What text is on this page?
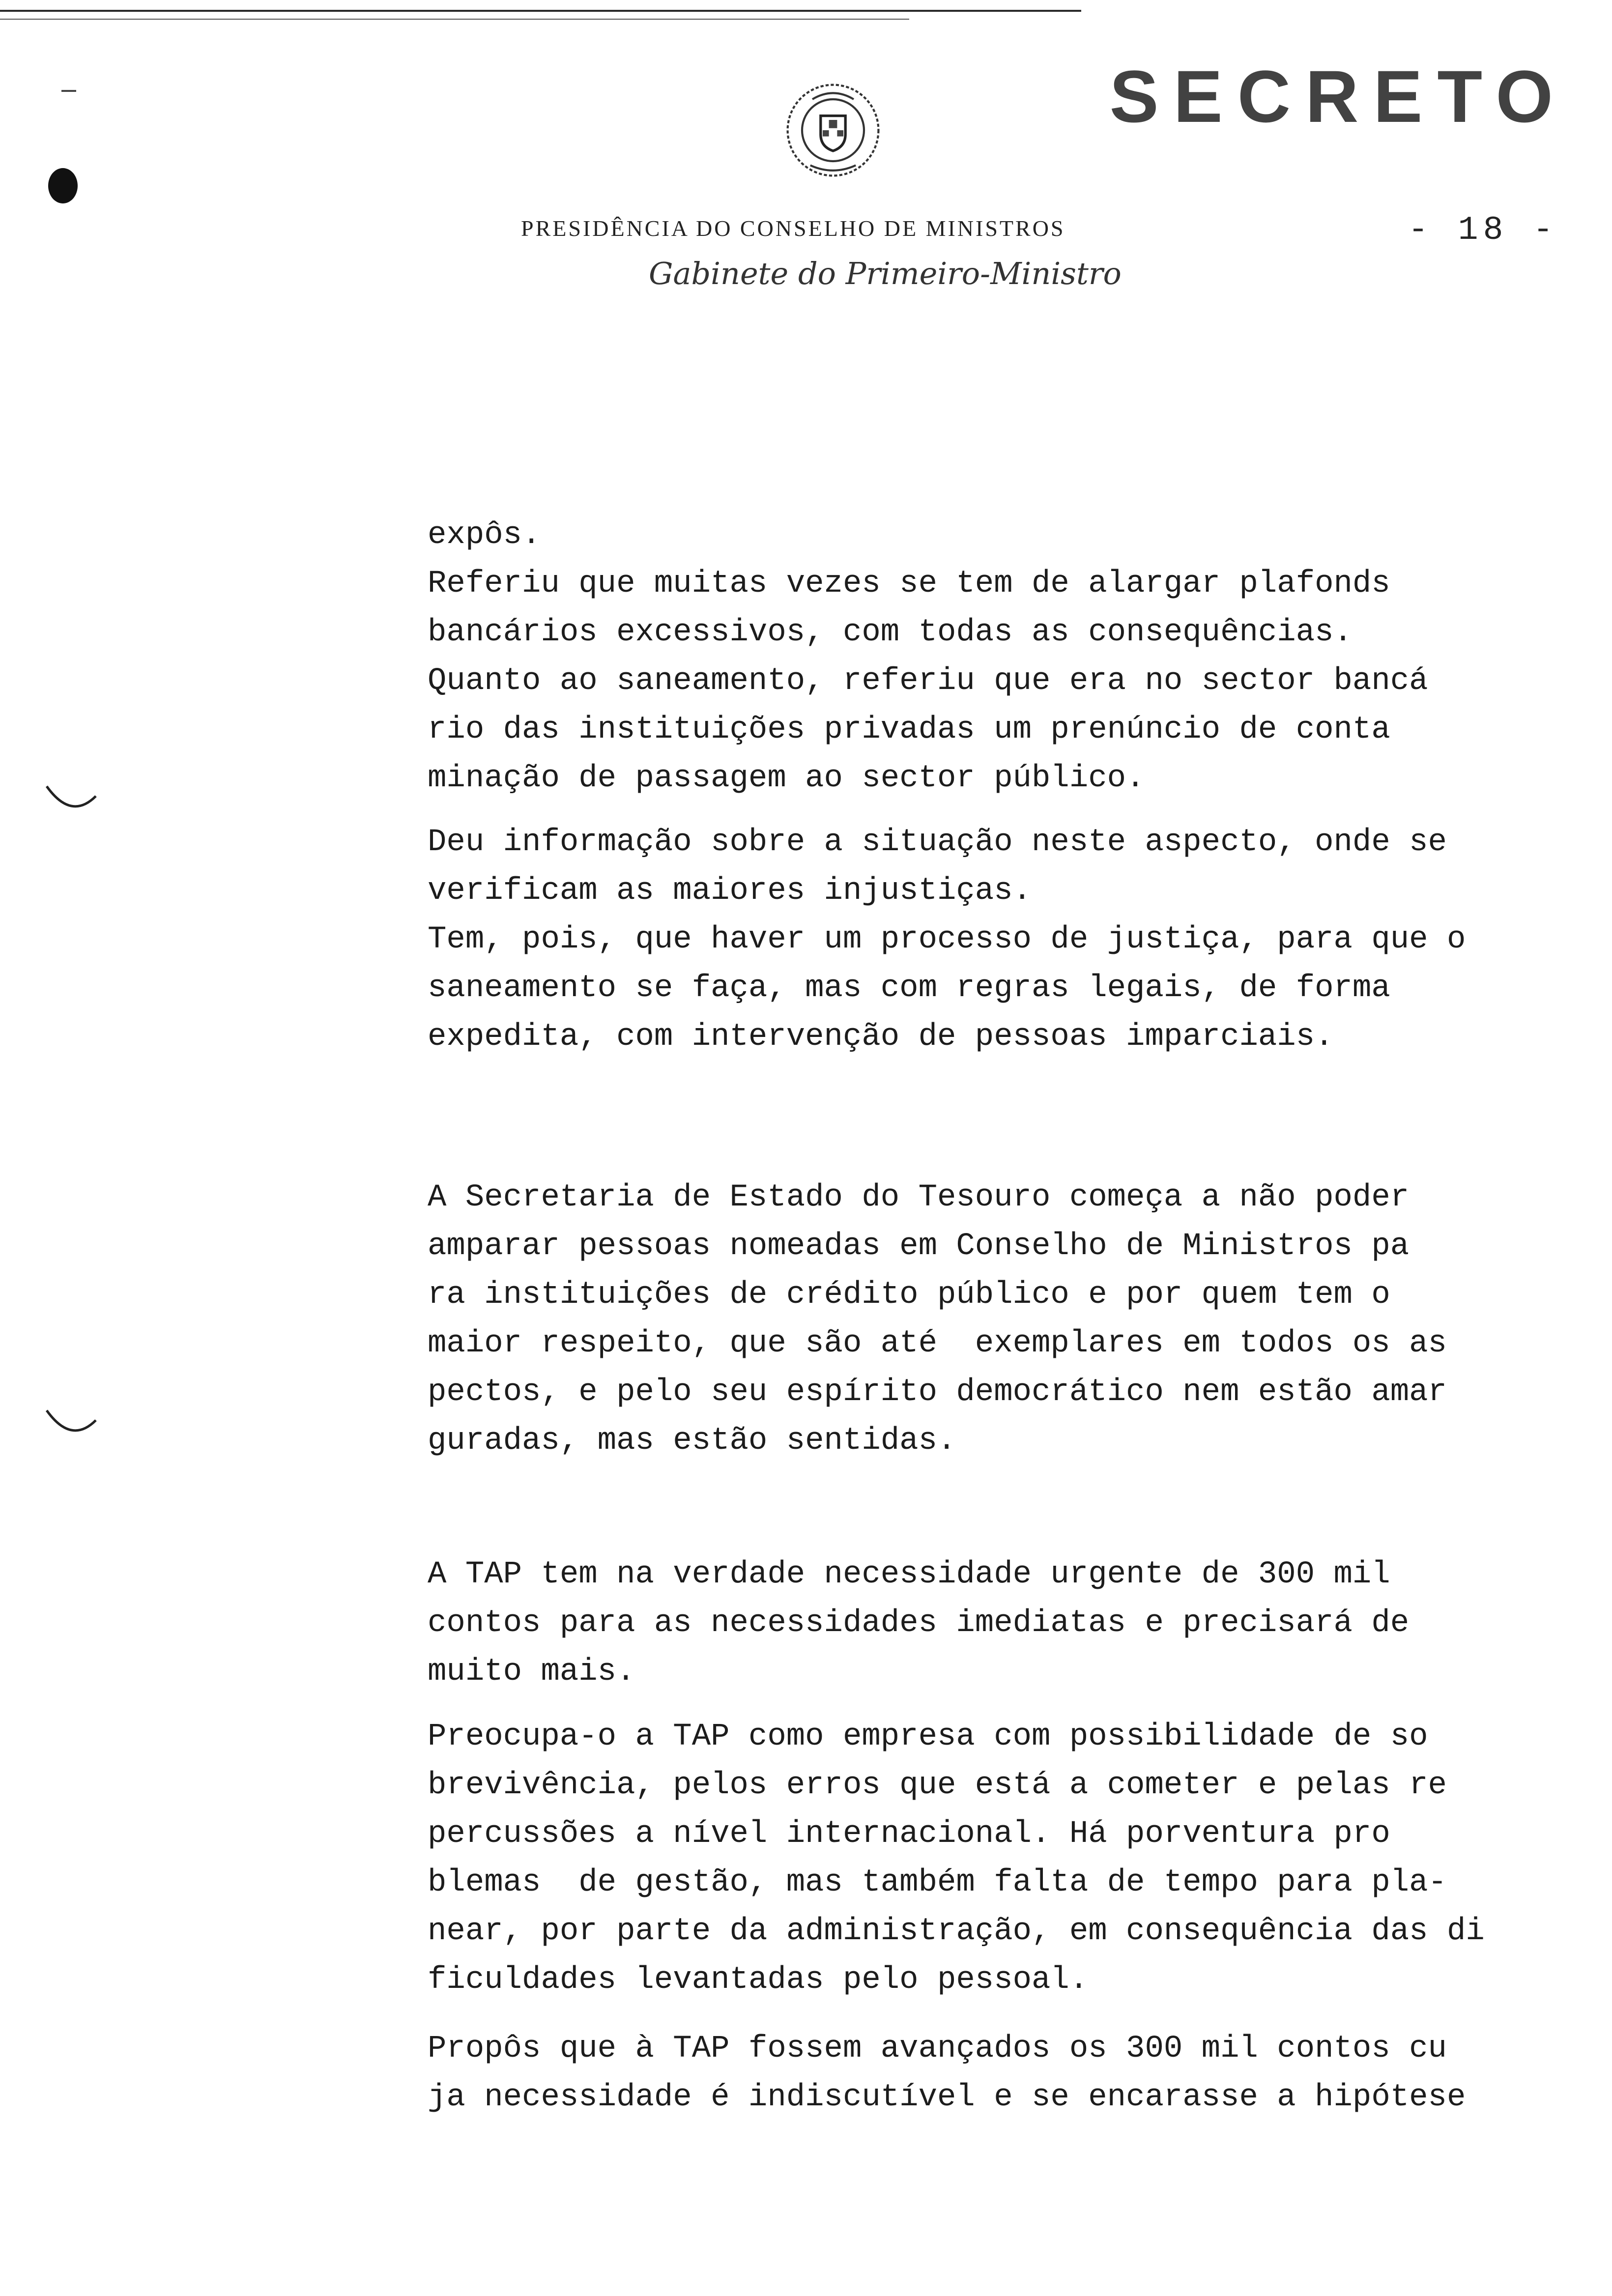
SECRETO
PRESIDÊNCIA DO CONSELHO DE MINISTROS
Gabinete do Primeiro-Ministro
- 18 -

expôs.

Referiu que muitas vezes se tem de alargar plafonds

bancários excessivos, com todas as consequências.

Quanto ao saneamento, referiu que era no sector bancá

rio das instituições privadas um prenúncio de conta

minação de passagem ao sector público.

Deu informação sobre a situação neste aspecto, onde se

verificam as maiores injustiças.

Tem, pois, que haver um processo de justiça, para que o

saneamento se faça, mas com regras legais, de forma

expedita, com intervenção de pessoas imparciais.

A Secretaria de Estado do Tesouro começa a não poder

amparar pessoas nomeadas em Conselho de Ministros pa

ra instituições de crédito público e por quem tem o

maior respeito, que são até  exemplares em todos os as

pectos, e pelo seu espírito democrático nem estão amar

guradas, mas estão sentidas.

A TAP tem na verdade necessidade urgente de 300 mil

contos para as necessidades imediatas e precisará de

muito mais.

Preocupa-o a TAP como empresa com possibilidade de so

brevivência, pelos erros que está a cometer e pelas re

percussões a nível internacional. Há porventura pro

blemas  de gestão, mas também falta de tempo para pla-

near, por parte da administração, em consequência das di

ficuldades levantadas pelo pessoal.

Propôs que à TAP fossem avançados os 300 mil contos cu

ja necessidade é indiscutível e se encarasse a hipótese
